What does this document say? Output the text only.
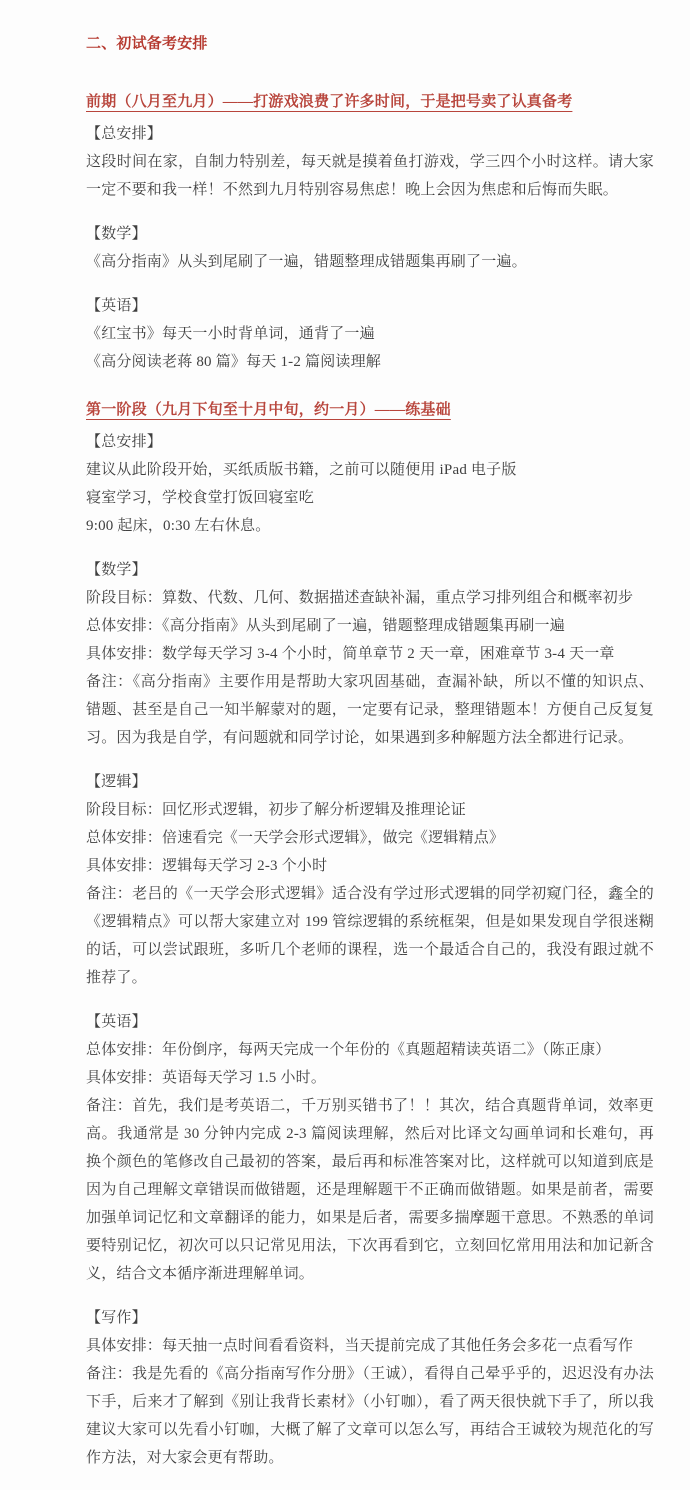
二、初试备考安排
前期（八月至九月）——打游戏浪费了许多时间，于是把号卖了认真备考
【总安排】

这段时间在家，自制力特别差，每天就是摸着鱼打游戏，学三四个小时这样。请大家一定不要和我一样！不然到九月特别容易焦虑！晚上会因为焦虑和后悔而失眠。

【数学】

《高分指南》从头到尾刷了一遍，错题整理成错题集再刷了一遍。

【英语】

《红宝书》每天一小时背单词，通背了一遍

《高分阅读老蒋 80 篇》每天 1-2 篇阅读理解

第一阶段（九月下旬至十月中旬，约一月）——练基础
【总安排】

建议从此阶段开始，买纸质版书籍，之前可以随便用 iPad 电子版

寝室学习，学校食堂打饭回寝室吃

9:00 起床，0:30 左右休息。

【数学】

阶段目标：算数、代数、几何、数据描述查缺补漏，重点学习排列组合和概率初步

总体安排：《高分指南》从头到尾刷了一遍，错题整理成错题集再刷一遍

具体安排：数学每天学习 3-4 个小时，简单章节 2 天一章，困难章节 3-4 天一章

备注：《高分指南》主要作用是帮助大家巩固基础，查漏补缺，所以不懂的知识点、错题、甚至是自己一知半解蒙对的题，一定要有记录，整理错题本！方便自己反复复习。因为我是自学，有问题就和同学讨论，如果遇到多种解题方法全都进行记录。

【逻辑】

阶段目标：回忆形式逻辑，初步了解分析逻辑及推理论证

总体安排：倍速看完《一天学会形式逻辑》，做完《逻辑精点》

具体安排：逻辑每天学习 2-3 个小时

备注：老吕的《一天学会形式逻辑》适合没有学过形式逻辑的同学初窥门径，鑫全的《逻辑精点》可以帮大家建立对 199 管综逻辑的系统框架，但是如果发现自学很迷糊的话，可以尝试跟班，多听几个老师的课程，选一个最适合自己的，我没有跟过就不推荐了。

【英语】

总体安排：年份倒序，每两天完成一个年份的《真题超精读英语二》（陈正康）

具体安排：英语每天学习 1.5 小时。

备注：首先，我们是考英语二，千万别买错书了！！其次，结合真题背单词，效率更高。我通常是 30 分钟内完成 2-3 篇阅读理解，然后对比译文勾画单词和长难句，再换个颜色的笔修改自己最初的答案，最后再和标准答案对比，这样就可以知道到底是因为自己理解文章错误而做错题，还是理解题干不正确而做错题。如果是前者，需要加强单词记忆和文章翻译的能力，如果是后者，需要多揣摩题干意思。不熟悉的单词要特别记忆，初次可以只记常见用法，下次再看到它，立刻回忆常用用法和加记新含义，结合文本循序渐进理解单词。

【写作】

具体安排：每天抽一点时间看看资料，当天提前完成了其他任务会多花一点看写作

备注：我是先看的《高分指南写作分册》（王诚），看得自己晕乎乎的，迟迟没有办法下手，后来才了解到《别让我背长素材》（小钉咖），看了两天很快就下手了，所以我建议大家可以先看小钉咖，大概了解了文章可以怎么写，再结合王诚较为规范化的写作方法，对大家会更有帮助。
